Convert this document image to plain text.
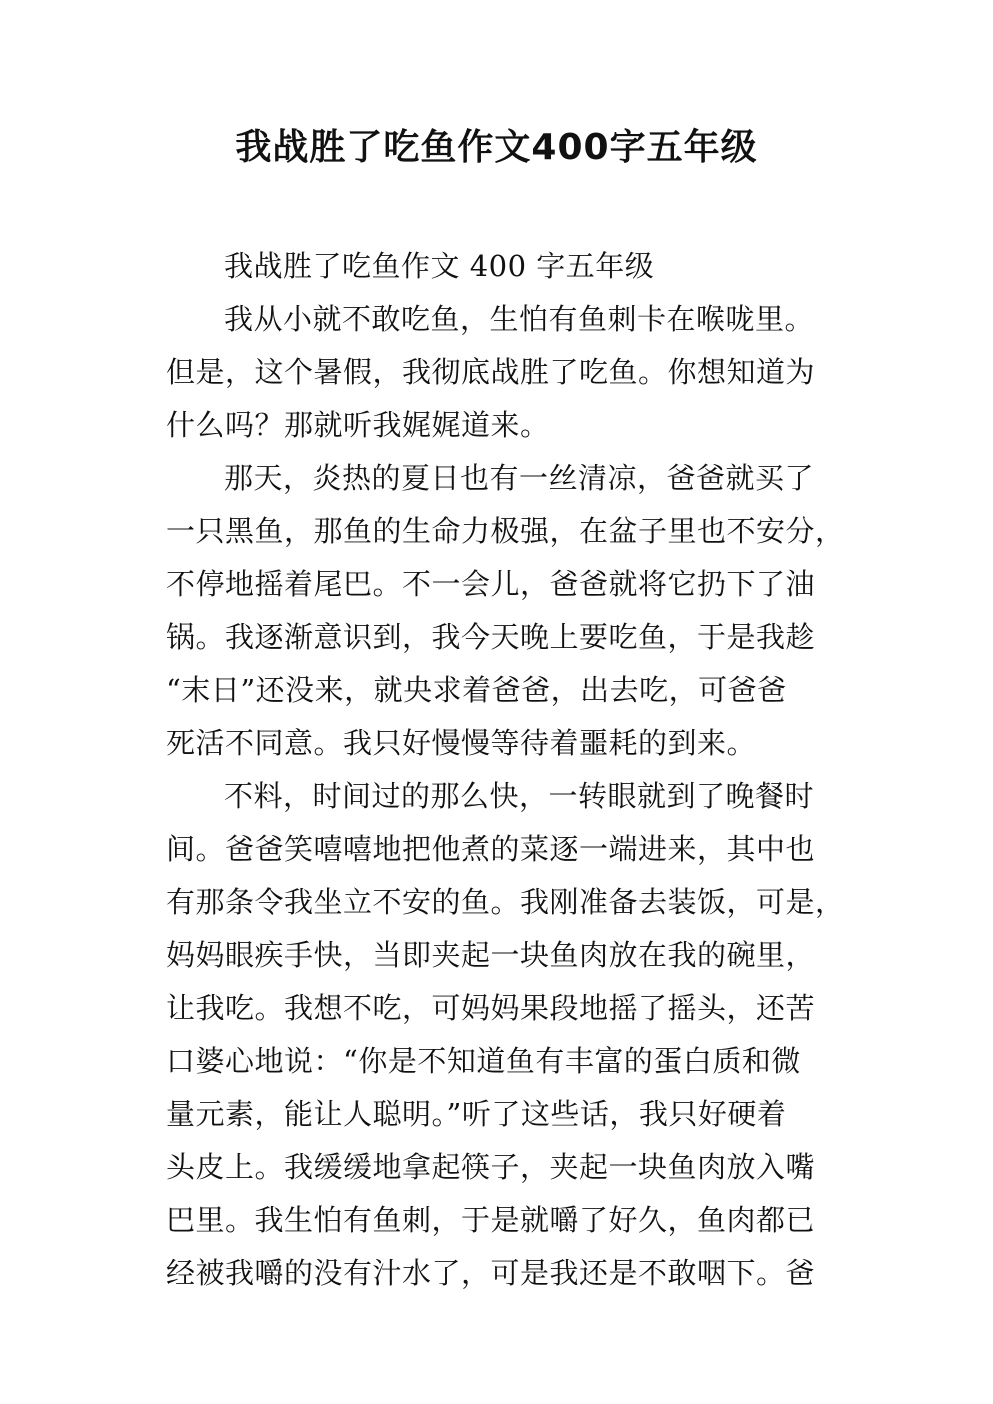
我战胜了吃鱼作文400字五年级
我战胜了吃鱼作文 400 字五年级
我从小就不敢吃鱼，生怕有鱼刺卡在喉咙里。
但是，这个暑假，我彻底战胜了吃鱼。你想知道为
什么吗？那就听我娓娓道来。
那天，炎热的夏日也有一丝清凉，爸爸就买了
一只黑鱼，那鱼的生命力极强，在盆子里也不安分，
不停地摇着尾巴。不一会儿，爸爸就将它扔下了油
锅。我逐渐意识到，我今天晚上要吃鱼，于是我趁
“末日”还没来，就央求着爸爸，出去吃，可爸爸
死活不同意。我只好慢慢等待着噩耗的到来。
不料，时间过的那么快，一转眼就到了晚餐时
间。爸爸笑嘻嘻地把他煮的菜逐一端进来，其中也
有那条令我坐立不安的鱼。我刚准备去装饭，可是，
妈妈眼疾手快，当即夹起一块鱼肉放在我的碗里，
让我吃。我想不吃，可妈妈果段地摇了摇头，还苦
口婆心地说：“你是不知道鱼有丰富的蛋白质和微
量元素，能让人聪明。”听了这些话，我只好硬着
头皮上。我缓缓地拿起筷子，夹起一块鱼肉放入嘴
巴里。我生怕有鱼刺，于是就嚼了好久，鱼肉都已
经被我嚼的没有汁水了，可是我还是不敢咽下。爸
